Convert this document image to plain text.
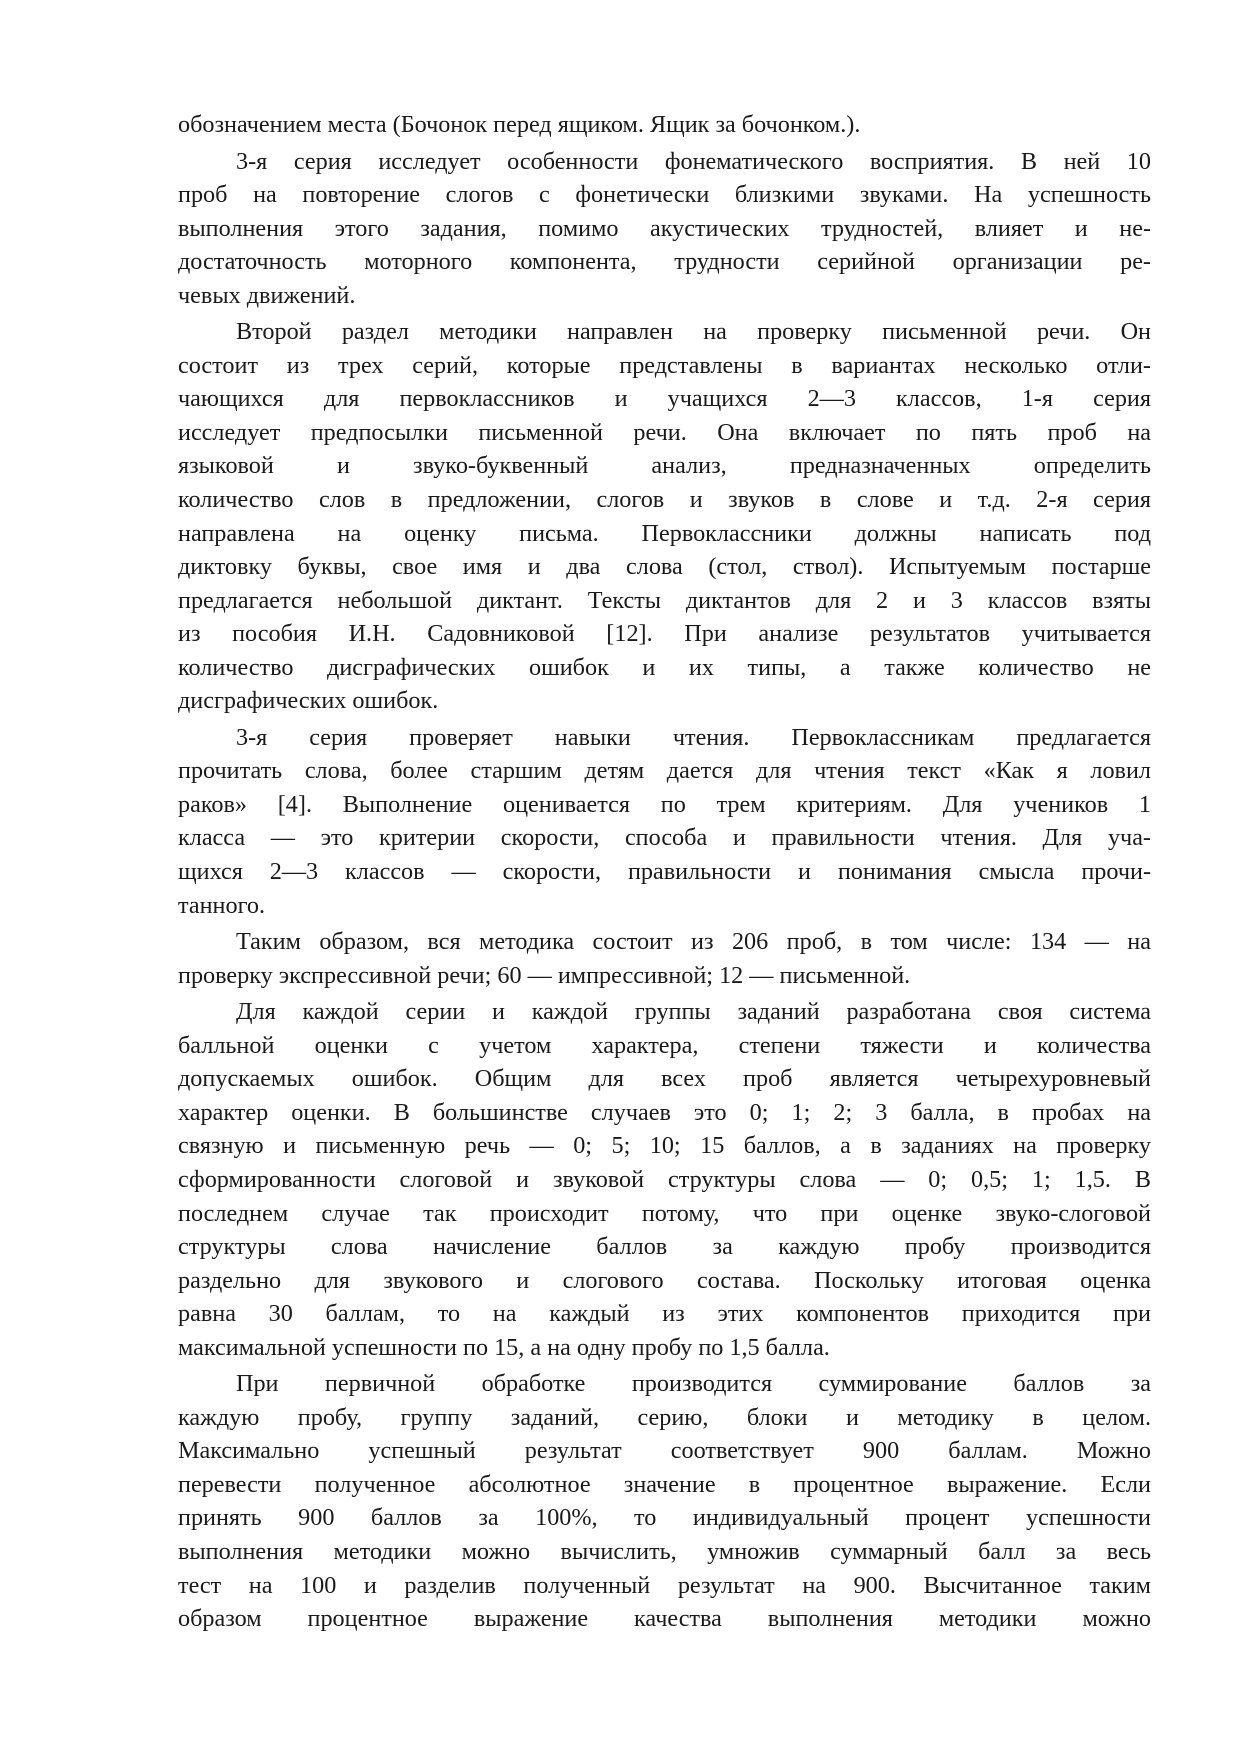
обозначением места (Бочонок перед ящиком. Ящик за бочонком.).
3-я серия исследует особенности фонематического восприятия. В ней 10
проб на повторение слогов с фонетически близкими звуками. На успешность
выполнения этого задания, помимо акустических трудностей, влияет и не-
достаточность моторного компонента, трудности серийной организации ре-
чевых движений.
Второй раздел методики направлен на проверку письменной речи. Он
состоит из трех серий, которые представлены в вариантах несколько отли-
чающихся для первоклассников и учащихся 2—3 классов, 1-я серия
исследует предпосылки письменной речи. Она включает по пять проб на
языковой и звуко-буквенный анализ, предназначенных определить
количество слов в предложении, слогов и звуков в слове и т.д. 2-я серия
направлена на оценку письма. Первоклассники должны написать под
диктовку буквы, свое имя и два слова (стол, ствол). Испытуемым постарше
предлагается небольшой диктант. Тексты диктантов для 2 и 3 классов взяты
из пособия И.Н. Садовниковой [12]. При анализе результатов учитывается
количество дисграфических ошибок и их типы, а также количество не
дисграфических ошибок.
3-я серия проверяет навыки чтения. Первоклассникам предлагается
прочитать слова, более старшим детям дается для чтения текст «Как я ловил
раков» [4]. Выполнение оценивается по трем критериям. Для учеников 1
класса — это критерии скорости, способа и правильности чтения. Для уча-
щихся 2—3 классов — скорости, правильности и понимания смысла прочи-
танного.
Таким образом, вся методика состоит из 206 проб, в том числе: 134 — на
проверку экспрессивной речи; 60 — импрессивной; 12 — письменной.
Для каждой серии и каждой группы заданий разработана своя система
балльной оценки с учетом характера, степени тяжести и количества
допускаемых ошибок. Общим для всех проб является четырехуровневый
характер оценки. В большинстве случаев это 0; 1; 2; 3 балла, в пробах на
связную и письменную речь — 0; 5; 10; 15 баллов, а в заданиях на проверку
сформированности слоговой и звуковой структуры слова — 0; 0,5; 1; 1,5. В
последнем случае так происходит потому, что при оценке звуко-слоговой
структуры слова начисление баллов за каждую пробу производится
раздельно для звукового и слогового состава. Поскольку итоговая оценка
равна 30 баллам, то на каждый из этих компонентов приходится при
максимальной успешности по 15, а на одну пробу по 1,5 балла.
При первичной обработке производится суммирование баллов за
каждую пробу, группу заданий, серию, блоки и методику в целом.
Максимально успешный результат соответствует 900 баллам. Можно
перевести полученное абсолютное значение в процентное выражение. Если
принять 900 баллов за 100%, то индивидуальный процент успешности
выполнения методики можно вычислить, умножив суммарный балл за весь
тест на 100 и разделив полученный результат на 900. Высчитанное таким
образом процентное выражение качества выполнения методики можно
